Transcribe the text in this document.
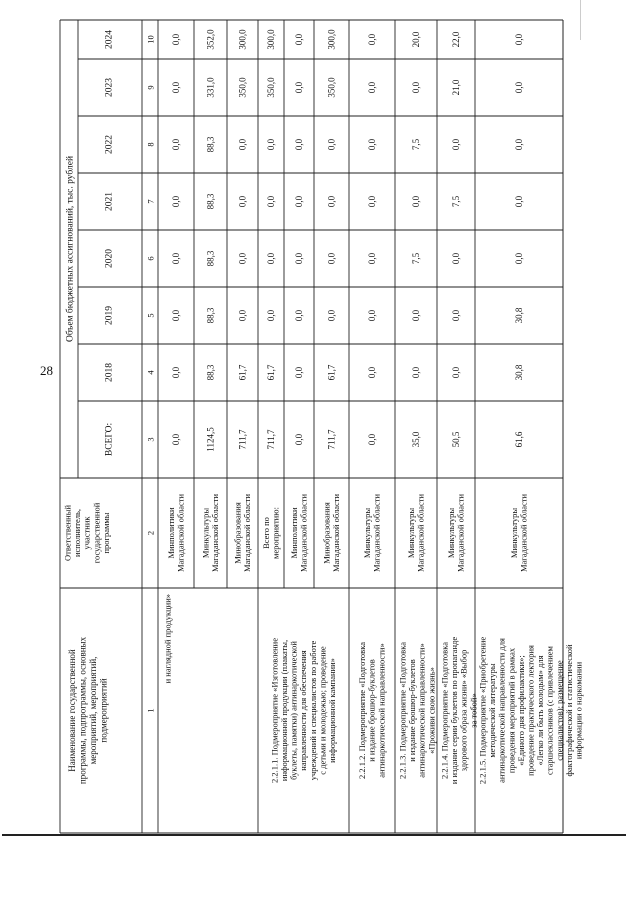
28
Наименование государственной программы, подпрограммы, основных мероприятий, мероприятий, подмероприятий
Ответственный исполнитель, участник государственной программы
Объем бюджетных ассигнований, тыс. рублей
ВСЕГО:
2018
2019
2020
2021
2022
2023
2024
1
2
3
4
5
6
7
8
9
10
и наглядной продукции»
Минполитики Магаданской области
0,0
0,0
0,0
0,0
0,0
0,0
0,0
0,0
Минкультуры Магаданской области
1124,5
88,3
88,3
88,3
88,3
88,3
331,0
352,0
Минобразования Магаданской области
711,7
61,7
0,0
0,0
0,0
0,0
350,0
300,0
2.2.1.1. Подмероприятие «Изготовление информационной продукции (плакаты, буклеты, памятки) антинаркотической направленности для обеспечения учреждений и специалистов по работе с детьми и молодежью; проведение информационной кампании»
Всего по мероприятию:
711,7
61,7
0,0
0,0
0,0
0,0
350,0
300,0
Минполитики Магаданской области
0,0
0,0
0,0
0,0
0,0
0,0
0,0
0,0
Минобразования Магаданской области
711,7
61,7
0,0
0,0
0,0
0,0
350,0
300,0
2.2.1.2. Подмероприятие «Подготовка и издание брошюр-буклетов антинаркотической направленности»
Минкультуры Магаданской области
0,0
0,0
0,0
0,0
0,0
0,0
0,0
0,0
2.2.1.3. Подмероприятие «Подготовка и издание брошюр-буклетов антинаркотической направленности» «Проживи свою жизнь»
Минкультуры Магаданской области
35,0
0,0
0,0
7,5
0,0
7,5
0,0
20,0
2.2.1.4. Подмероприятие «Подготовка и издание серии буклетов по пропаганде здорового образа жизни» «Выбор за тобой»
Минкультуры Магаданской области
50,5
0,0
0,0
0,0
7,5
0,0
21,0
22,0
2.2.1.5. Подмероприятие «Приобретение методической литературы антинаркотической направленности для проведения мероприятий в рамках «Единого дня профилактики»; проведение практического лектория «Легко ли быть молодым» для старшеклассников (с привлечением специалистов); размещение фактографической и статистической информации о наркомании
Минкультуры Магаданской области
61,6
30,8
30,8
0,0
0,0
0,0
0,0
0,0
